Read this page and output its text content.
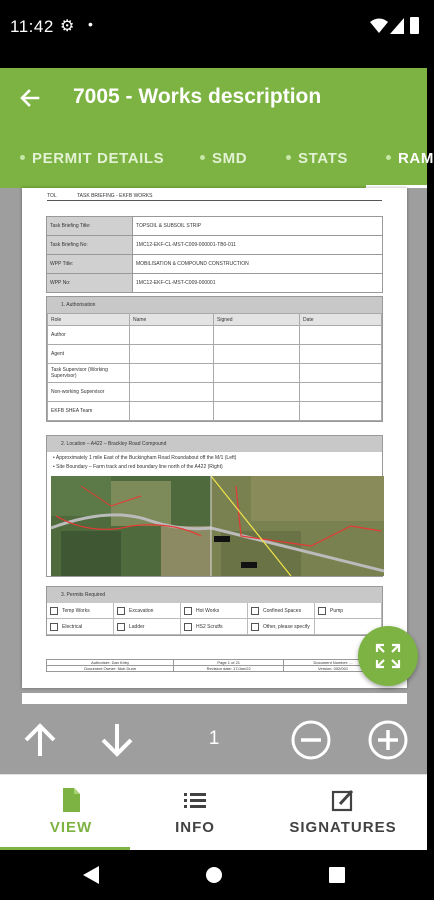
11:42 ⚙ •
7005 - Works description
PERMIT DETAILS	SMD	STATS	RAM
TOL	TASK BRIEFING - EKFB WORKS
Task Briefing Title:	TOPSOIL & SUBSOIL STRIP
Task Briefing No:	1MC12-EKF-CL-MST-C009-000001-TB0-011
WPP Title:	MOBILISATION & COMPOUND CONSTRUCTION
WPP No:	1MC12-EKF-CL-MST-C009-000001
1. Authorisation
Role	Name	Signed	Date
Author			
Agent			
Task Supervisor (Working Supervisor)			
Non-working Supervisor			
EKFB SHEA Team			
2. Location – A422 – Brackley Road Compound
• Approximately 1 mile East of the Buckingham Road Roundabout off the M/1 (Left)
• Site Boundary – Farm track and red boundary line north of the A422 (Right)
3. Permits Required
Temp Works	Excavation	Hot Works	Confined Spaces	Pump
Electrical	Ladder	HS2 Scrutfs	Other, please specify
Authoriser: Dan Kirby	Page 1 of 21	Document Number: ...
Document Owner: Nick Dunn	Revision date: 17/Jan/22	Version: 002/001
1
VIEW	INFO	SIGNATURES
